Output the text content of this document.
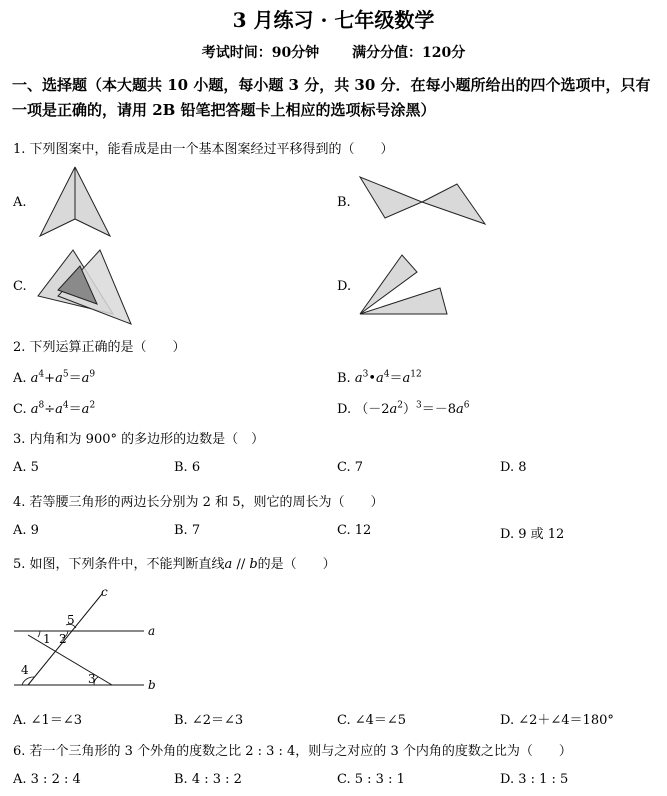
3 月练习 · 七年级数学
考试时间：90分钟 满分分值：120分
一、选择题（本大题共 10 小题，每小题 3 分，共 30 分．在每小题所给出的四个选项中，只有
一项是正确的，请用 2B 铅笔把答题卡上相应的选项标号涂黑）
1. 下列图案中，能看成是由一个基本图案经过平移得到的（　　）
A.	B.
C.	D.
2. 下列运算正确的是（　　）
A. $a^4+a^5=a^9$	B. $a^3•a^4=a^{12}$
C. $a^8\div a^4=a^2$	D. $(-2a^2)^3=-8a^6$
3. 内角和为 900° 的多边形的边数是（　）
A. 5	B. 6	C. 7	D. 8
4. 若等腰三角形的两边长分别为 2 和 5，则它的周长为（　　）
A. 9	B. 7	C. 12	D. 9 或 12
5. 如图，下列条件中，不能判断直线a // b的是（　　）
c
a
b
1 2
3
4
5
A. ∠1＝∠3	B. ∠2＝∠3	C. ∠4＝∠5	D. ∠2＋∠4＝180°
6. 若一个三角形的 3 个外角的度数之比 2 : 3 : 4，则与之对应的 3 个内角的度数之比为（　　）
A. 3 : 2 : 4	B. 4 : 3 : 2	C. 5 : 3 : 1	D. 3 : 1 : 5
